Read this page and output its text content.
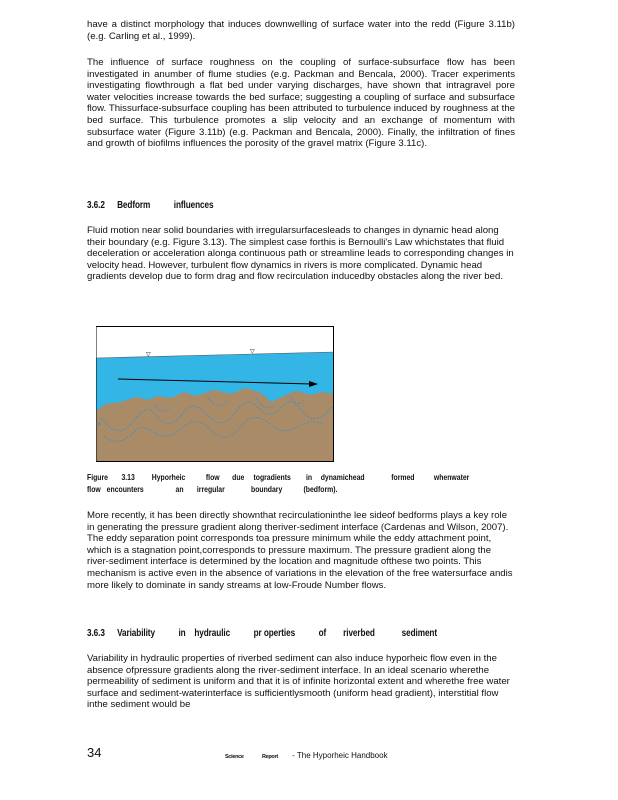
have a distinct morphology that induces downwelling of surface water into the redd (Figure 3.11b) (e.g. Carling et al., 1999).

The influence of surface roughness on the coupling of surface-subsurface flow has been investigated in anumber of flume studies (e.g. Packman and Bencala, 2000). Tracer experiments investigating flowthrough a flat bed under varying discharges, have shown that intragravel pore water velocities increase towards the bed surface; suggesting a coupling of surface and subsurface flow. Thissurface-subsurface coupling has been attributed to turbulence induced by roughness at the bed surface. This turbulence promotes a slip velocity and an exchange of momentum with subsurface water (Figure 3.11b) (e.g. Packman and Bencala, 2000). Finally, the infiltration of fines and growth of biofilms influences the porosity of the gravel matrix (Figure 3.11c).

3.6.2 Bedform influences

Fluid motion near solid boundaries with irregularsurfacesleads to changes in dynamic head along their boundary (e.g. Figure 3.13). The simplest case forthis is Bernoulli's Law whichstates that fluid deceleration or acceleration alonga continuous path or streamline leads to corresponding changes in velocity head. However, turbulent flow dynamics in rivers is more complicated. Dynamic head gradients develop due to form drag and flow recirculation inducedby obstacles along the river bed.

▽	▽
Figure 3.13 Hyporheic flow due togradients in dynamichead	formed whenwater
flow encounters	an irregular	boundary	(bedform).

More recently, it has been directly shownthat recirculationinthe lee sideof bedforms plays a key role in generating the pressure gradient along theriver-sediment interface (Cardenas and Wilson, 2007). The eddy separation point corresponds toa pressure minimum while the eddy attachment point, which is a stagnation point,corresponds to pressure maximum. The pressure gradient along the river-sediment interface is determined by the location and magnitude ofthese two points. This mechanism is active even in the absence of variations in the elevation of the free watersurface andis more likely to dominate in sandy streams at low-Froude Number flows.

3.6.3 Variability in hydraulic pr operties of riverbed	sediment

Variability in hydraulic properties of riverbed sediment can also induce hyporheic flow even in the absence ofpressure gradients along the river-sediment interface. In an ideal scenario wherethe permeability of sediment is uniform and that it is of infinite horizontal extent and wherethe free water surface and sediment-waterinterface is sufficientlysmooth (uniform head gradient), interstitial flow inthe sediment would be

34	Science	Report - The Hyporheic Handbook
